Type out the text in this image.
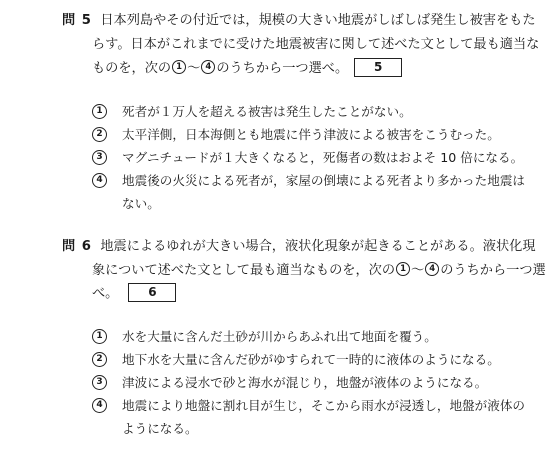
問 5 日本列島やその付近では，規模の大きい地震がしばしば発生し被害をもた
らす。日本がこれまでに受けた地震被害に関して述べた文として最も適当な
ものを，次の 1 〜 4 のうちから一つ選べ。 5
1	死者が１万人を超える被害は発生したことがない。
2	太平洋側，日本海側とも地震に伴う津波による被害をこうむった。
3	マグニチュードが１大きくなると，死傷者の数はおよそ 10 倍になる。
4	地震後の火災による死者が，家屋の倒壊による死者より多かった地震は
ない。
問 6 地震によるゆれが大きい場合，液状化現象が起きることがある。液状化現
象について述べた文として最も適当なものを，次の 1 〜 4 のうちから一つ選
べ。 6
1	水を大量に含んだ土砂が川からあふれ出て地面を覆う。
2	地下水を大量に含んだ砂がゆすられて一時的に液体のようになる。
3	津波による浸水で砂と海水が混じり，地盤が液体のようになる。
4	地震により地盤に割れ目が生じ，そこから雨水が浸透し，地盤が液体の
ようになる。
